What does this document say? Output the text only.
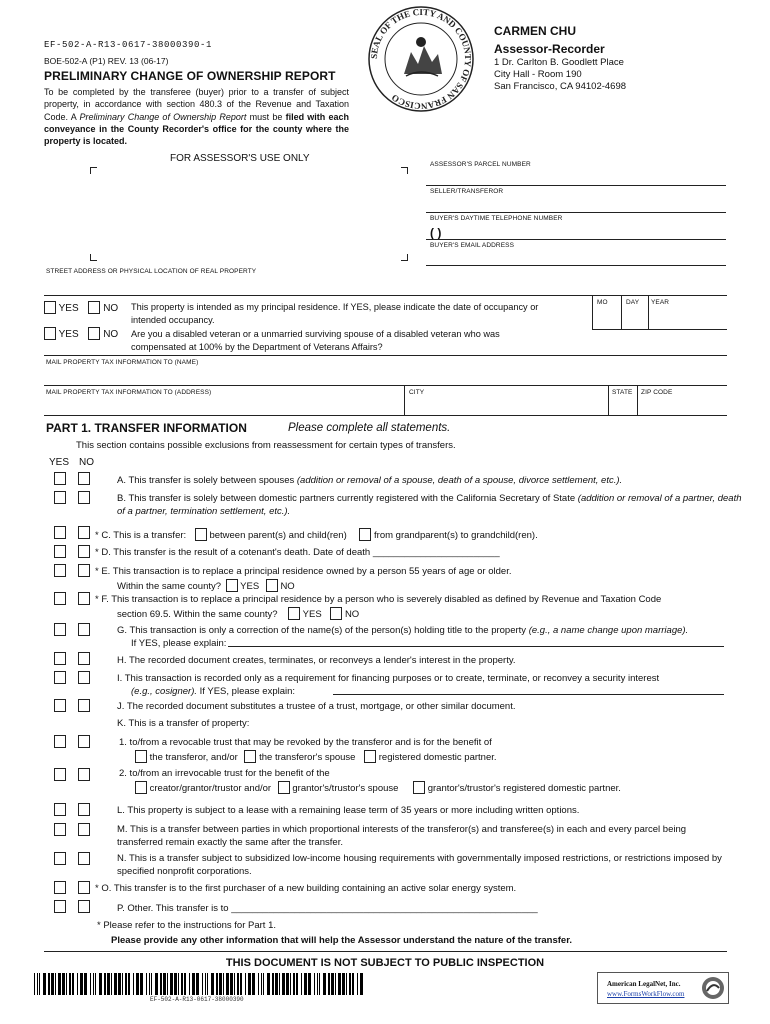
EF-502-A-R13-0617-38000390-1
BOE-502-A (P1) REV. 13 (06-17)
PRELIMINARY CHANGE OF OWNERSHIP REPORT
To be completed by the transferee (buyer) prior to a transfer of subject property, in accordance with section 480.3 of the Revenue and Taxation Code. A Preliminary Change of Ownership Report must be filed with each conveyance in the County Recorder's office for the county where the property is located.
SEAL OF THE CITY AND COUNTY OF SAN FRANCISCO
CARMEN CHU
Assessor-Recorder
1 Dr. Carlton B. Goodlett Place
City Hall - Room 190
San Francisco, CA 94102-4698
FOR ASSESSOR'S USE ONLY
ASSESSOR'S PARCEL NUMBER
SELLER/TRANSFEROR
BUYER'S DAYTIME TELEPHONE NUMBER
( )
BUYER'S EMAIL ADDRESS
STREET ADDRESS OR PHYSICAL LOCATION OF REAL PROPERTY
YES NO This property is intended as my principal residence. If YES, please indicate the date of occupancy or intended occupancy.
MO	DAY YEAR
YES NO Are you a disabled veteran or a unmarried surviving spouse of a disabled veteran who was compensated at 100% by the Department of Veterans Affairs?
MAIL PROPERTY TAX INFORMATION TO (NAME)
MAIL PROPERTY TAX INFORMATION TO (ADDRESS)	CITY	STATE ZIP CODE
PART 1. TRANSFER INFORMATION	Please complete all statements.
This section contains possible exclusions from reassessment for certain types of transfers.
YES NO
A. This transfer is solely between spouses (addition or removal of a spouse, death of a spouse, divorce settlement, etc.).
B. This transfer is solely between domestic partners currently registered with the California Secretary of State (addition or removal of a partner, death of a partner, termination settlement, etc.).
* C. This is a transfer: between parent(s) and child(ren)	from grandparent(s) to grandchild(ren).
* D. This transfer is the result of a cotenant's death. Date of death ________________________
* E. This transaction is to replace a principal residence owned by a person 55 years of age or older.
Within the same county? YES NO
* F. This transaction is to replace a principal residence by a person who is severely disabled as defined by Revenue and Taxation Code
section 69.5. Within the same county?	YES NO
G. This transaction is only a correction of the name(s) of the person(s) holding title to the property (e.g., a name change upon marriage).
If YES, please explain:
H. The recorded document creates, terminates, or reconveys a lender's interest in the property.
I. This transaction is recorded only as a requirement for financing purposes or to create, terminate, or reconvey a security interest
(e.g., cosigner). If YES, please explain:
J. The recorded document substitutes a trustee of a trust, mortgage, or other similar document.
K. This is a transfer of property:
1. to/from a revocable trust that may be revoked by the transferor and is for the benefit of
the transferor, and/or the transferor's spouse registered domestic partner.
2. to/from an irrevocable trust for the benefit of the
creator/grantor/trustor and/or grantor's/trustor's spouse	grantor's/trustor's registered domestic partner.
L. This property is subject to a lease with a remaining lease term of 35 years or more including written options.
M. This is a transfer between parties in which proportional interests of the transferor(s) and transferee(s) in each and every parcel being transferred remain exactly the same after the transfer.
N. This is a transfer subject to subsidized low-income housing requirements with governmentally imposed restrictions, or restrictions imposed by specified nonprofit corporations.
* O. This transfer is to the first purchaser of a new building containing an active solar energy system.
P. Other. This transfer is to __________________________________________________________
* Please refer to the instructions for Part 1.
Please provide any other information that will help the Assessor understand the nature of the transfer.
THIS DOCUMENT IS NOT SUBJECT TO PUBLIC INSPECTION
EF-502-A-R13-0617-38000390
American LegalNet, Inc.
www.FormsWorkFlow.com
